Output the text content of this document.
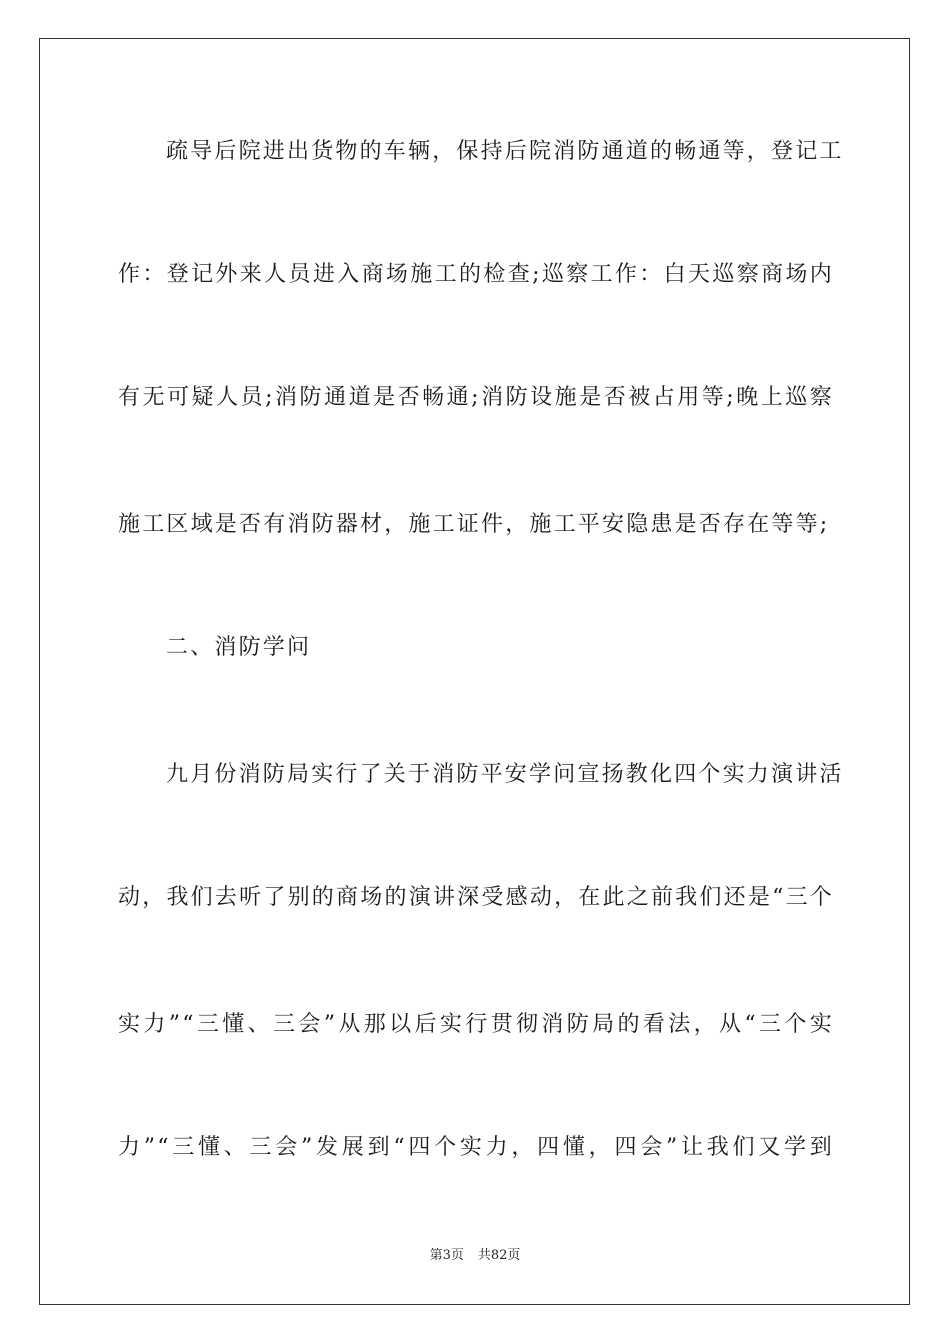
疏导后院进出货物的车辆，保持后院消防通道的畅通等，登记工
作：登记外来人员进入商场施工的检查;巡察工作：白天巡察商场内
有无可疑人员;消防通道是否畅通;消防设施是否被占用等;晚上巡察
施工区域是否有消防器材，施工证件，施工平安隐患是否存在等等;
二、消防学问
九月份消防局实行了关于消防平安学问宣扬教化四个实力演讲活
动，我们去听了别的商场的演讲深受感动，在此之前我们还是“三个
实力”“三懂、三会”从那以后实行贯彻消防局的看法，从“三个实
力”“三懂、三会”发展到“四个实力，四懂，四会”让我们又学到
第3页 共82页
